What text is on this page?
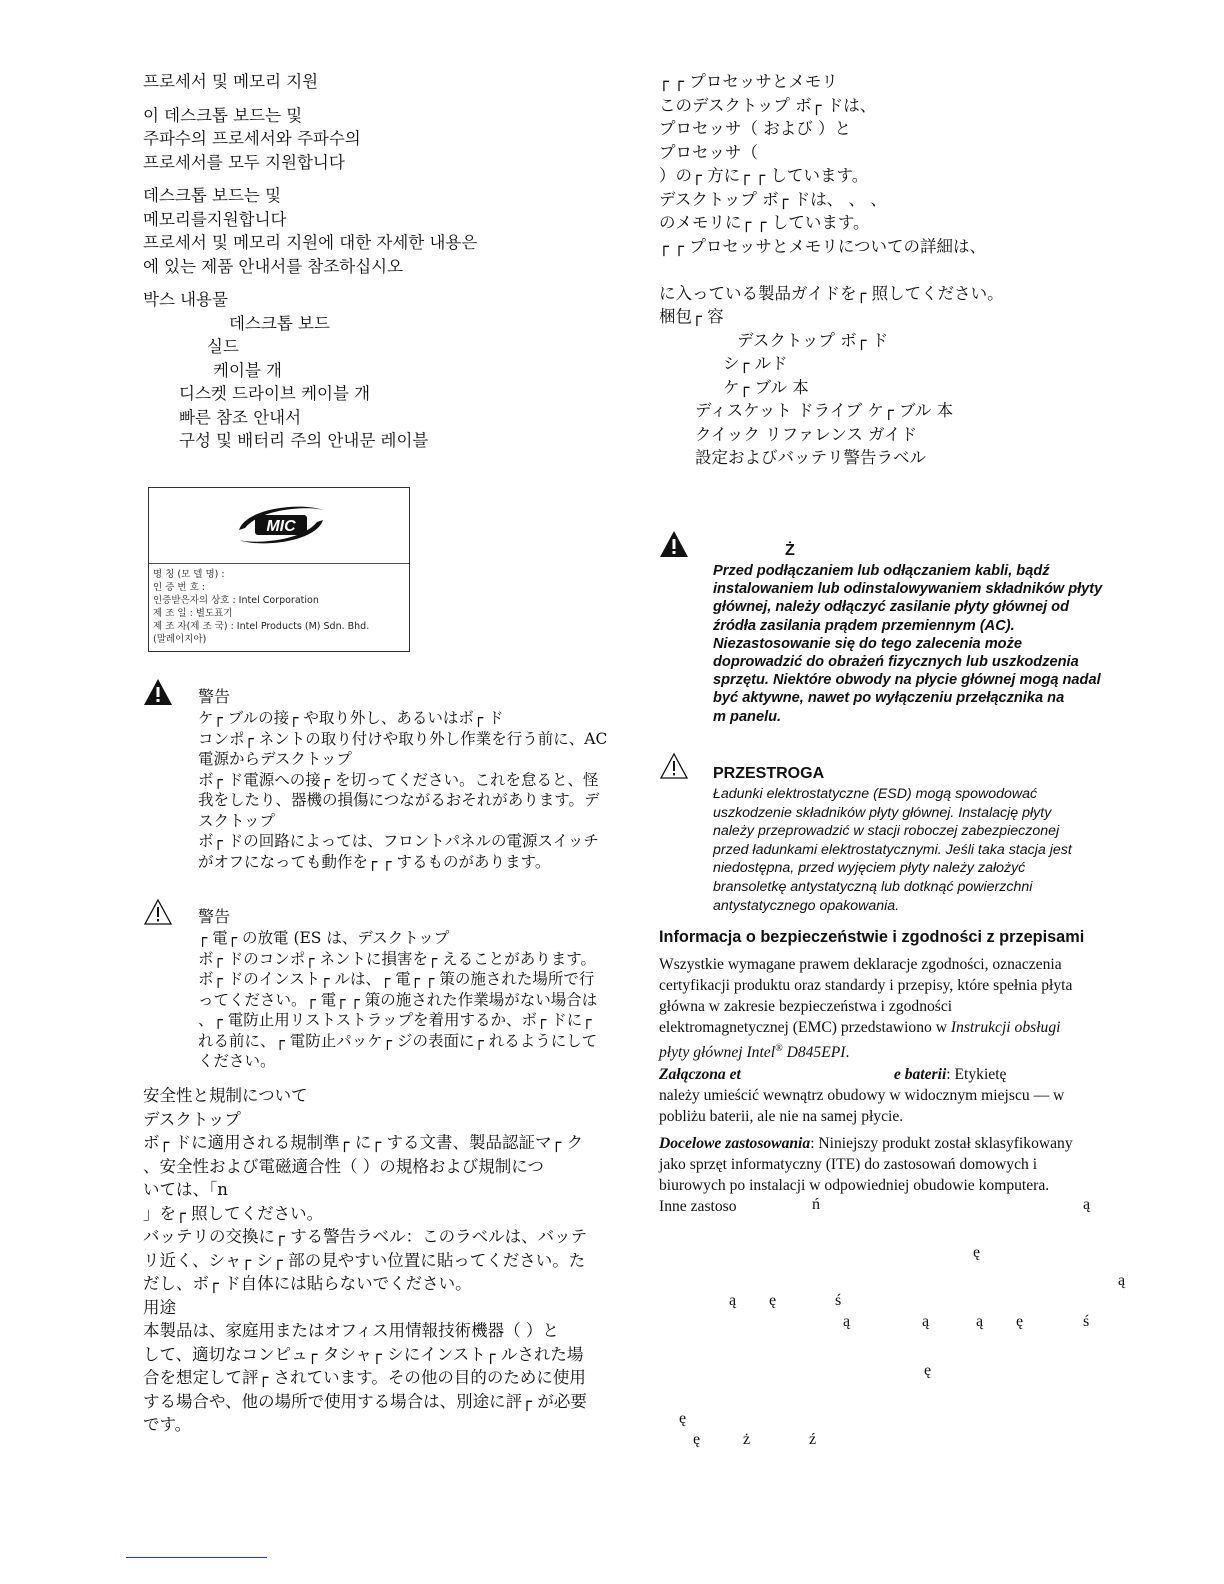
프로세서 및 메모리 지원
이 데스크톱 보드는 및
주파수의 프로세서와 주파수의
프로세서를 모두 지원합니다
데스크톱 보드는 및
메모리를지원합니다
프로세서 및 메모리 지원에 대한 자세한 내용은
에 있는 제품 안내서를 참조하십시오
박스 내용물
데스크톱 보드
실드
케이블 개
디스켓 드라이브 케이블 개
빠른 참조 안내서
구성 및 배터리 주의 안내문 레이블
MIC
명 칭 (모 델 명) :
인 증 번 호 :
인증받은자의 상호 : Intel Corporation
제 조 일 : 별도표기
제 조 자(제 조 국) : Intel Products (M) Sdn. Bhd.
(말레이지아)
警告
ケ┌ ブルの接┌ や取り外し、あるいはボ┌ ド
コンポ┌ ネントの取り付けや取り外し作業を行う前に、AC
電源からデスクトップ
ボ┌ ド電源への接┌ を切ってください。これを怠ると、怪
我をしたり、器機の損傷につながるおそれがあります。デ
スクトップ
ボ┌ ドの回路によっては、フロントパネルの電源スイッチ
がオフになっても動作を┌ ┌ するものがあります。
警告
┌ 電┌ の放電 (ES は、デスクトップ
ボ┌ ドのコンポ┌ ネントに損害を┌ えることがあります。
ボ┌ ドのインスト┌ ルは、┌ 電┌ ┌ 策の施された場所で行
ってください。┌ 電┌ ┌ 策の施された作業場がない場合は
、┌ 電防止用リストストラップを着用するか、ボ┌ ドに┌
れる前に、┌ 電防止パッケ┌ ジの表面に┌ れるようにして
ください。
安全性と規制について
デスクトップ
ボ┌ ドに適用される規制準┌ に┌ する文書、製品認証マ┌ ク
、安全性および電磁適合性（ ）の規格および規制につ
いては、「n
」を┌ 照してください。
バッテリの交換に┌ する警告ラベル：このラベルは、バッテ
リ近く、シャ┌ シ┌ 部の見やすい位置に貼ってください。た
だし、ボ┌ ド自体には貼らないでください。
用途
本製品は、家庭用またはオフィス用情報技術機器（ ）と
して、適切なコンピュ┌ タシャ┌ シにインスト┌ ルされた場
合を想定して評┌ されています。その他の目的のために使用
する場合や、他の場所で使用する場合は、別途に評┌ が必要
です。
┌ ┌ プロセッサとメモリ
このデスクトップ ボ┌ ドは、
プロセッサ（ および ）と
プロセッサ（
）の┌ 方に┌ ┌ しています。
デスクトップ ボ┌ ドは、 、 、
のメモリに┌ ┌ しています。
┌ ┌ プロセッサとメモリについての詳細は、

に入っている製品ガイドを┌ 照してください。
梱包┌ 容
デスクトップ ボ┌ ド
シ┌ ルド
ケ┌ ブル 本
ディスケット ドライブ ケ┌ ブル 本
クイック リファレンス ガイド
設定およびバッテリ警告ラベル
Ż
Przed podłączaniem lub odłączaniem kabli, bądź
instalowaniem lub odinstalowywaniem składników płyty
głównej, należy odłączyć zasilanie płyty głównej od
źródła zasilania prądem przemiennym (AC).
Niezastosowanie się do tego zalecenia może
doprowadzić do obrażeń fizycznych lub uszkodzenia
sprzętu. Niektóre obwody na płycie głównej mogą nadal
być aktywne, nawet po wyłączeniu przełącznika na
m panelu.
PRZESTROGA
Ładunki elektrostatyczne (ESD) mogą spowodować
uszkodzenie składników płyty głównej. Instalację płyty
należy przeprowadzić w stacji roboczej zabezpieczonej
przed ładunkami elektrostatycznymi. Jeśli taka stacja jest
niedostępna, przed wyjęciem płyty należy założyć
bransoletkę antystatyczną lub dotknąć powierzchni
antystatycznego opakowania.
Informacja o bezpieczeństwie i zgodności z przepisami
Wszystkie wymagane prawem deklaracje zgodności, oznaczenia
certyfikacji produktu oraz standardy i przepisy, które spełnia płyta
główna w zakresie bezpieczeństwa i zgodności
elektromagnetycznej (EMC) przedstawiono w Instrukcji obsługi
płyty głównej Intel® D845EPI.
Załączona et	e baterii: Etykietę
należy umieścić wewnątrz obudowy w widocznym miejscu — w
pobliżu baterii, ale nie na samej płycie.
Docelowe zastosowania: Niniejszy produkt został sklasyfikowany
jako sprzęt informatyczny (ITE) do zastosowań domowych i
biurowych po instalacji w odpowiedniej obudowie komputera.
Inne zastoso	ń	ą
ę
ą
ą ę	ś
ą	ą	ą ę	ś
ę
ę
ę	ż	ź
